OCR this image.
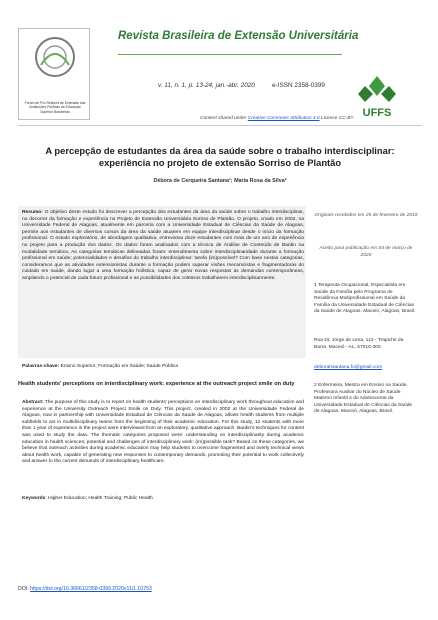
Fórum de Pró-Reitores de Extensão das Instituições Públicas de Educação Superior Brasileiras
Revista Brasileira de Extensão Universitária
v. 11, n. 1, p. 13-24, jan.-abr. 2020	e-ISSN 2358-0399
UFFS
Content shared under Creative Commons Attribution 4.0 Licence CC-BY
A percepção de estudantes da área da saúde sobre o trabalho interdisciplinar: experiência no projeto de extensão Sorriso de Plantão
Débora de Cerqueira Santana¹; Maria Rosa da Silva²
Originais recebidos em 25 de fevereiro de 2019
Aceito para publicação em 04 de março de 2020
1 Terapeuta Ocupacional, Especialista em Saúde da Família pelo Programa de Residência Multiprofissional em Saúde da Família da Universidade Estadual de Ciências da Saúde de Alagoas. Maceió, Alagoas, Brasil.
Rua Dr. Jorge de Lima, 113 - Trapiche da Barra. Maceió - AL, 57010-300.
deborahsantana.fo@gmail.com
2 Enfermeira, Mestra em Ensino na Saúde, Professora Auxiliar do Núcleo de Saúde Materno Infantil e do Adolescente da Universidade Estadual de Ciências da Saúde de Alagoas. Maceió, Alagoas, Brasil.
Resumo: O objetivo deste estudo foi descrever a percepção dos estudantes da área da saúde sobre o trabalho interdisciplinar, no decorrer da formação e experiência no Projeto de Extensão Universitária Sorriso de Plantão. O projeto, criado em 2002, na Universidade Federal de Alagoas, atualmente em parceria com a Universidade Estadual de Ciências da Saúde de Alagoas, permite aos estudantes de diversos cursos da área da saúde atuarem em equipe interdisciplinar desde o início da formação profissional. O estudo exploratório, de abordagem qualitativa, entrevistou doze estudantes com mais de um ano de experiência no projeto para a produção dos dados. Os dados foram analisados com a técnica de Análise de Conteúdo de Bardin na modalidade temática. As categorias temáticas delineadas foram: entendimento sobre interdisciplinaridade durante a formação profissional em saúde; potencialidades e desafios do trabalho interdisciplinar: tarefa (im)possível? Com base nestas categorias, consideramos que as atividades extensionistas durante a formação podem superar visões mecanicistas e fragmentadoras do cuidado em saúde, dando lugar a uma formação holística, capaz de gerar novas respostas às demandas contemporâneas, ampliando o potencial de cada futuro profissional e as possibilidades dos coletivos trabalharem interdisciplinarmente.
Palavras-chave: Ensino Superior; Formação em Saúde; Saúde Pública
Health students' perceptions on interdisciplinary work: experience at the outreach project smile on duty
Abstract: The purpose of this study is to report on health students' perceptions on interdisciplinary work throughout education and experience at the University Outreach Project Smile on Duty. This project, created in 2002 at the Universidade Federal de Alagoas, now in partnership with Universidade Estadual de Ciências da Saúde de Alagoas, allows health students from multiple subfields to act in multidisciplinary teams from the beginning of their academic education. For this study, 12 students with more than 1 year of experience in the project were interviewed from an exploratory, qualitative approach. Bardin's techniques for content was used to study the data. The thematic categories proposed were: understanding on interdisciplinarity during academic education in health sciences; potential and challenges of interdisciplinary work: (im)possible task? Based on these categories, we believe that outreach activities during academic education may help students to overcome fragmented and overly technical views about health work, capable of generating new responses to contemporary demands, promoting their potential to work collectively and answer to the current demands of interdisciplinary healthcare.
Keywords: Higher Education; Health Training; Public Health
DOI: https://doi.org/10.36661/2358-0399.2020v11i1.10753
